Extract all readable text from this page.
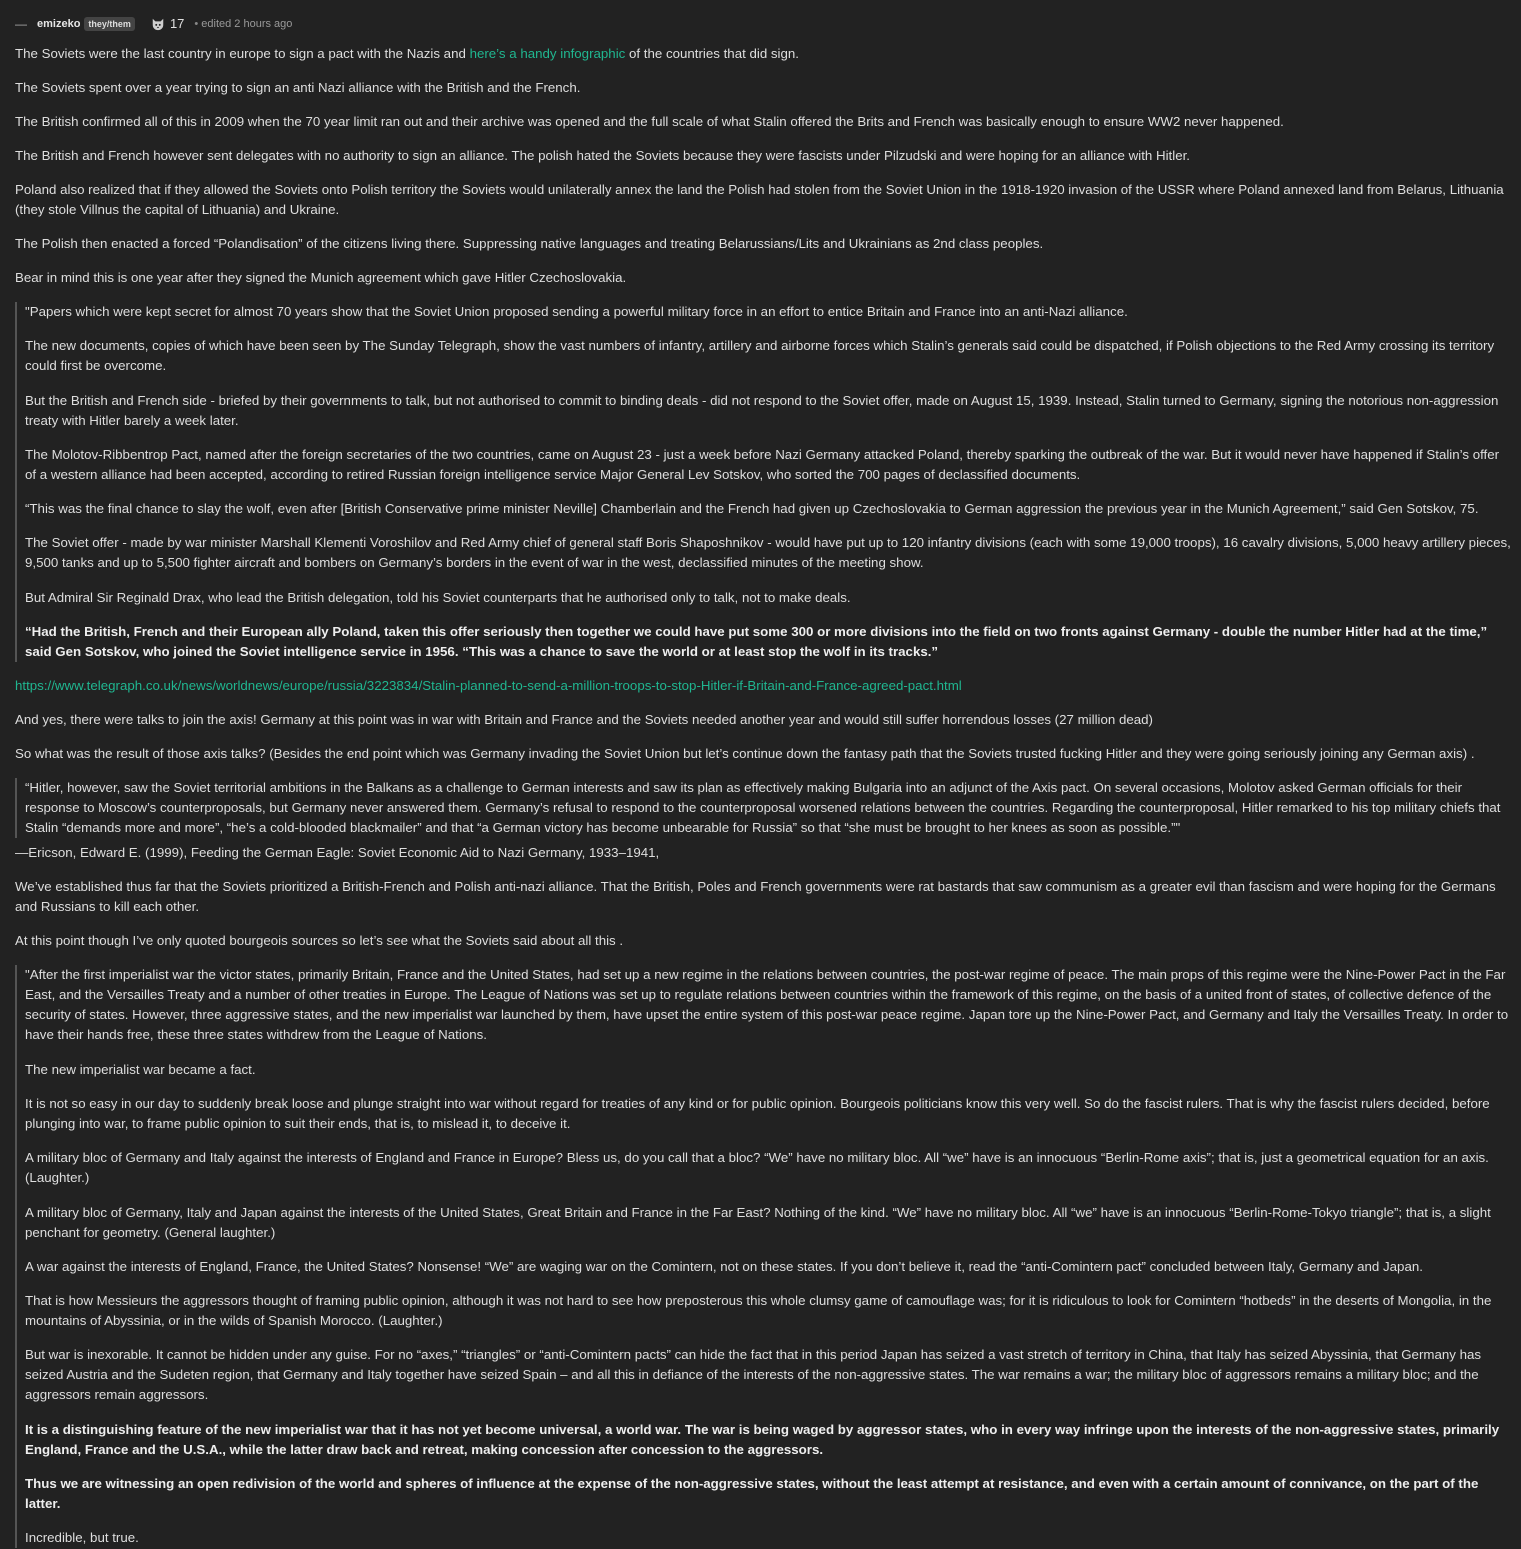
— emizeko they/them	17 • edited 2 hours ago

The Soviets were the last country in europe to sign a pact with the Nazis and here’s a handy infographic of the countries that did sign.

The Soviets spent over a year trying to sign an anti Nazi alliance with the British and the French.

The British confirmed all of this in 2009 when the 70 year limit ran out and their archive was opened and the full scale of what Stalin offered the Brits and French was basically enough to ensure WW2 never happened.

The British and French however sent delegates with no authority to sign an alliance. The polish hated the Soviets because they were fascists under Pilzudski and were hoping for an alliance with Hitler.

Poland also realized that if they allowed the Soviets onto Polish territory the Soviets would unilaterally annex the land the Polish had stolen from the Soviet Union in the 1918-1920 invasion of the USSR where Poland annexed land from Belarus, Lithuania (they stole Villnus the capital of Lithuania) and Ukraine.

The Polish then enacted a forced “Polandisation” of the citizens living there. Suppressing native languages and treating Belarussians/Lits and Ukrainians as 2nd class peoples.

Bear in mind this is one year after they signed the Munich agreement which gave Hitler Czechoslovakia.

"Papers which were kept secret for almost 70 years show that the Soviet Union proposed sending a powerful military force in an effort to entice Britain and France into an anti-Nazi alliance.

The new documents, copies of which have been seen by The Sunday Telegraph, show the vast numbers of infantry, artillery and airborne forces which Stalin’s generals said could be dispatched, if Polish objections to the Red Army crossing its territory could first be overcome.

But the British and French side - briefed by their governments to talk, but not authorised to commit to binding deals - did not respond to the Soviet offer, made on August 15, 1939. Instead, Stalin turned to Germany, signing the notorious non-aggression treaty with Hitler barely a week later.

The Molotov-Ribbentrop Pact, named after the foreign secretaries of the two countries, came on August 23 - just a week before Nazi Germany attacked Poland, thereby sparking the outbreak of the war. But it would never have happened if Stalin’s offer of a western alliance had been accepted, according to retired Russian foreign intelligence service Major General Lev Sotskov, who sorted the 700 pages of declassified documents.

“This was the final chance to slay the wolf, even after [British Conservative prime minister Neville] Chamberlain and the French had given up Czechoslovakia to German aggression the previous year in the Munich Agreement,” said Gen Sotskov, 75.

The Soviet offer - made by war minister Marshall Klementi Voroshilov and Red Army chief of general staff Boris Shaposhnikov - would have put up to 120 infantry divisions (each with some 19,000 troops), 16 cavalry divisions, 5,000 heavy artillery pieces, 9,500 tanks and up to 5,500 fighter aircraft and bombers on Germany’s borders in the event of war in the west, declassified minutes of the meeting show.

But Admiral Sir Reginald Drax, who lead the British delegation, told his Soviet counterparts that he authorised only to talk, not to make deals.

“Had the British, French and their European ally Poland, taken this offer seriously then together we could have put some 300 or more divisions into the field on two fronts against Germany - double the number Hitler had at the time,” said Gen Sotskov, who joined the Soviet intelligence service in 1956. “This was a chance to save the world or at least stop the wolf in its tracks.”

https://www.telegraph.co.uk/news/worldnews/europe/russia/3223834/Stalin-planned-to-send-a-million-troops-to-stop-Hitler-if-Britain-and-France-agreed-pact.html

And yes, there were talks to join the axis! Germany at this point was in war with Britain and France and the Soviets needed another year and would still suffer horrendous losses (27 million dead)

So what was the result of those axis talks? (Besides the end point which was Germany invading the Soviet Union but let’s continue down the fantasy path that the Soviets trusted fucking Hitler and they were going seriously joining any German axis) .

“Hitler, however, saw the Soviet territorial ambitions in the Balkans as a challenge to German interests and saw its plan as effectively making Bulgaria into an adjunct of the Axis pact. On several occasions, Molotov asked German officials for their response to Moscow’s counterproposals, but Germany never answered them. Germany’s refusal to respond to the counterproposal worsened relations between the countries. Regarding the counterproposal, Hitler remarked to his top military chiefs that Stalin “demands more and more”, “he’s a cold-blooded blackmailer” and that “a German victory has become unbearable for Russia” so that “she must be brought to her knees as soon as possible.”"

—Ericson, Edward E. (1999), Feeding the German Eagle: Soviet Economic Aid to Nazi Germany, 1933–1941,

We’ve established thus far that the Soviets prioritized a British-French and Polish anti-nazi alliance. That the British, Poles and French governments were rat bastards that saw communism as a greater evil than fascism and were hoping for the Germans and Russians to kill each other.

At this point though I’ve only quoted bourgeois sources so let’s see what the Soviets said about all this .

"After the first imperialist war the victor states, primarily Britain, France and the United States, had set up a new regime in the relations between countries, the post-war regime of peace. The main props of this regime were the Nine-Power Pact in the Far East, and the Versailles Treaty and a number of other treaties in Europe. The League of Nations was set up to regulate relations between countries within the framework of this regime, on the basis of a united front of states, of collective defence of the security of states. However, three aggressive states, and the new imperialist war launched by them, have upset the entire system of this post-war peace regime. Japan tore up the Nine-Power Pact, and Germany and Italy the Versailles Treaty. In order to have their hands free, these three states withdrew from the League of Nations.

The new imperialist war became a fact.

It is not so easy in our day to suddenly break loose and plunge straight into war without regard for treaties of any kind or for public opinion. Bourgeois politicians know this very well. So do the fascist rulers. That is why the fascist rulers decided, before plunging into war, to frame public opinion to suit their ends, that is, to mislead it, to deceive it.

A military bloc of Germany and Italy against the interests of England and France in Europe? Bless us, do you call that a bloc? “We” have no military bloc. All “we” have is an innocuous “Berlin-Rome axis”; that is, just a geometrical equation for an axis. (Laughter.)

A military bloc of Germany, Italy and Japan against the interests of the United States, Great Britain and France in the Far East? Nothing of the kind. “We” have no military bloc. All “we” have is an innocuous “Berlin-Rome-Tokyo triangle”; that is, a slight penchant for geometry. (General laughter.)

A war against the interests of England, France, the United States? Nonsense! “We” are waging war on the Comintern, not on these states. If you don’t believe it, read the “anti-Comintern pact” concluded between Italy, Germany and Japan.

That is how Messieurs the aggressors thought of framing public opinion, although it was not hard to see how preposterous this whole clumsy game of camouflage was; for it is ridiculous to look for Comintern “hotbeds” in the deserts of Mongolia, in the mountains of Abyssinia, or in the wilds of Spanish Morocco. (Laughter.)

But war is inexorable. It cannot be hidden under any guise. For no “axes,” “triangles” or “anti-Comintern pacts” can hide the fact that in this period Japan has seized a vast stretch of territory in China, that Italy has seized Abyssinia, that Germany has seized Austria and the Sudeten region, that Germany and Italy together have seized Spain – and all this in defiance of the interests of the non-aggressive states. The war remains a war; the military bloc of aggressors remains a military bloc; and the aggressors remain aggressors.

It is a distinguishing feature of the new imperialist war that it has not yet become universal, a world war. The war is being waged by aggressor states, who in every way infringe upon the interests of the non-aggressive states, primarily England, France and the U.S.A., while the latter draw back and retreat, making concession after concession to the aggressors.

Thus we are witnessing an open redivision of the world and spheres of influence at the expense of the non-aggressive states, without the least attempt at resistance, and even with a certain amount of connivance, on the part of the latter.

Incredible, but true.
